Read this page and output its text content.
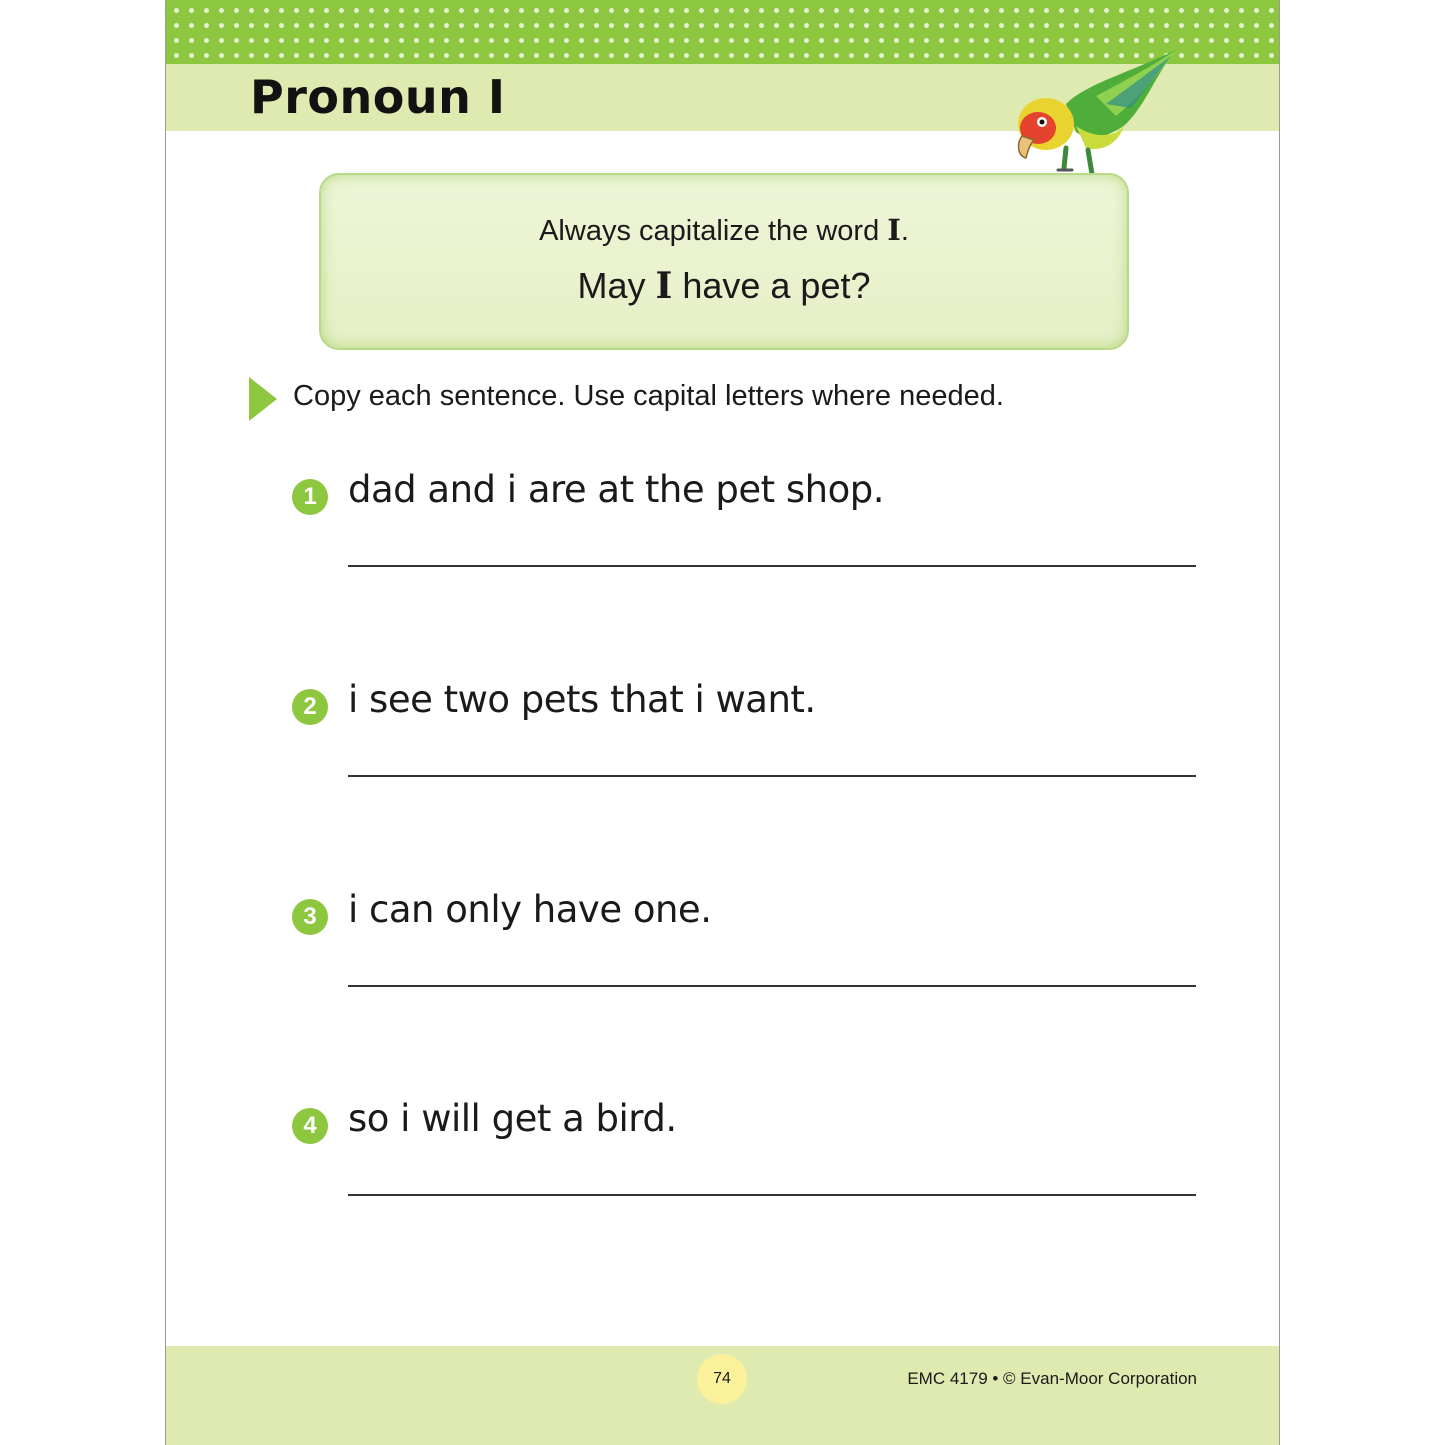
Pronoun I
Always capitalize the word I.
May I have a pet?
Copy each sentence. Use capital letters where needed.
1 dad and i are at the pet shop.
2 i see two pets that i want.
3 i can only have one.
4 so i will get a bird.
74	EMC 4179 • © Evan-Moor Corporation
